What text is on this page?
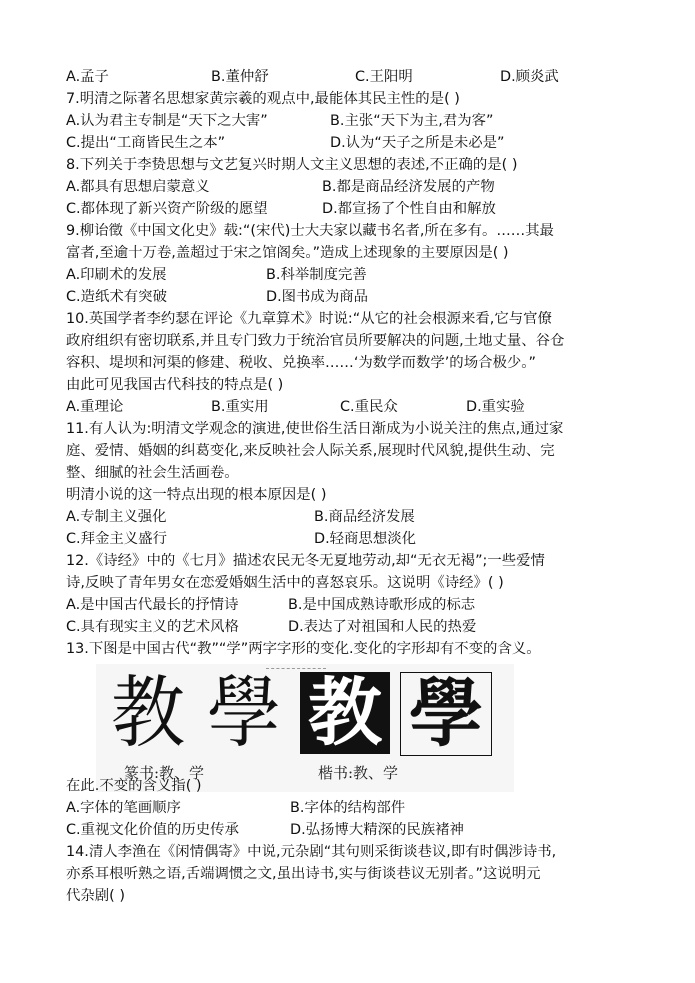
A.孟子	B.董仲舒	C.王阳明	D.顾炎武
7.明清之际著名思想家黄宗羲的观点中,最能体其民主性的是( )
A.认为君主专制是“天下之大害”	B.主张“天下为主,君为客”
C.提出“工商皆民生之本”	D.认为“天子之所是未必是”
8.下列关于李贽思想与文艺复兴时期人文主义思想的表述,不正确的是( )
A.都具有思想启蒙意义	B.都是商品经济发展的产物
C.都体现了新兴资产阶级的愿望	D.都宣扬了个性自由和解放
9.柳诒徵《中国文化史》载:“(宋代)士大夫家以藏书名者,所在多有。……其最
富者,至逾十万卷,盖超过于宋之馆阁矣。”造成上述现象的主要原因是( )
A.印刷术的发展	B.科举制度完善
C.造纸术有突破	D.图书成为商品
10.英国学者李约瑟在评论《九章算术》时说:“从它的社会根源来看,它与官僚
政府组织有密切联系,并且专门致力于统治官员所要解决的问题,土地丈量、谷仓
容积、堤坝和河渠的修建、税收、兑换率……‘为数学而数学’的场合极少。”
由此可见我国古代科技的特点是( )
A.重理论	B.重实用	C.重民众	D.重实验
11.有人认为:明清文学观念的演进,使世俗生活日渐成为小说关注的焦点,通过家
庭、爱情、婚姻的纠葛变化,来反映社会人际关系,展现时代风貌,提供生动、完
整、细腻的社会生活画卷。
明清小说的这一特点出现的根本原因是( )
A.专制主义强化	B.商品经济发展
C.拜金主义盛行	D.轻商思想淡化
12.《诗经》中的《七月》描述农民无冬无夏地劳动,却“无衣无褐”;一些爱情
诗,反映了青年男女在恋爱婚姻生活中的喜怒哀乐。这说明《诗经》( )
A.是中国古代最长的抒情诗	B.是中国成熟诗歌形成的标志
C.具有现实主义的艺术风格	D.表达了对祖国和人民的热爱
13.下图是中国古代“教”“学”两字字形的变化.变化的字形却有不变的含义。
教 學 教 學
篆书:教、学	楷书:教、学
在此.不变的含义指( )
A.字体的笔画顺序	B.字体的结构部件
C.重视文化价值的历史传承	D.弘扬博大精深的民族褚神
14.清人李渔在《闲情偶寄》中说,元杂剧“其句则采街谈巷议,即有时偶涉诗书,
亦系耳根听熟之语,舌端调惯之文,虽出诗书,实与街谈巷议无别者。”这说明元
代杂剧( )
